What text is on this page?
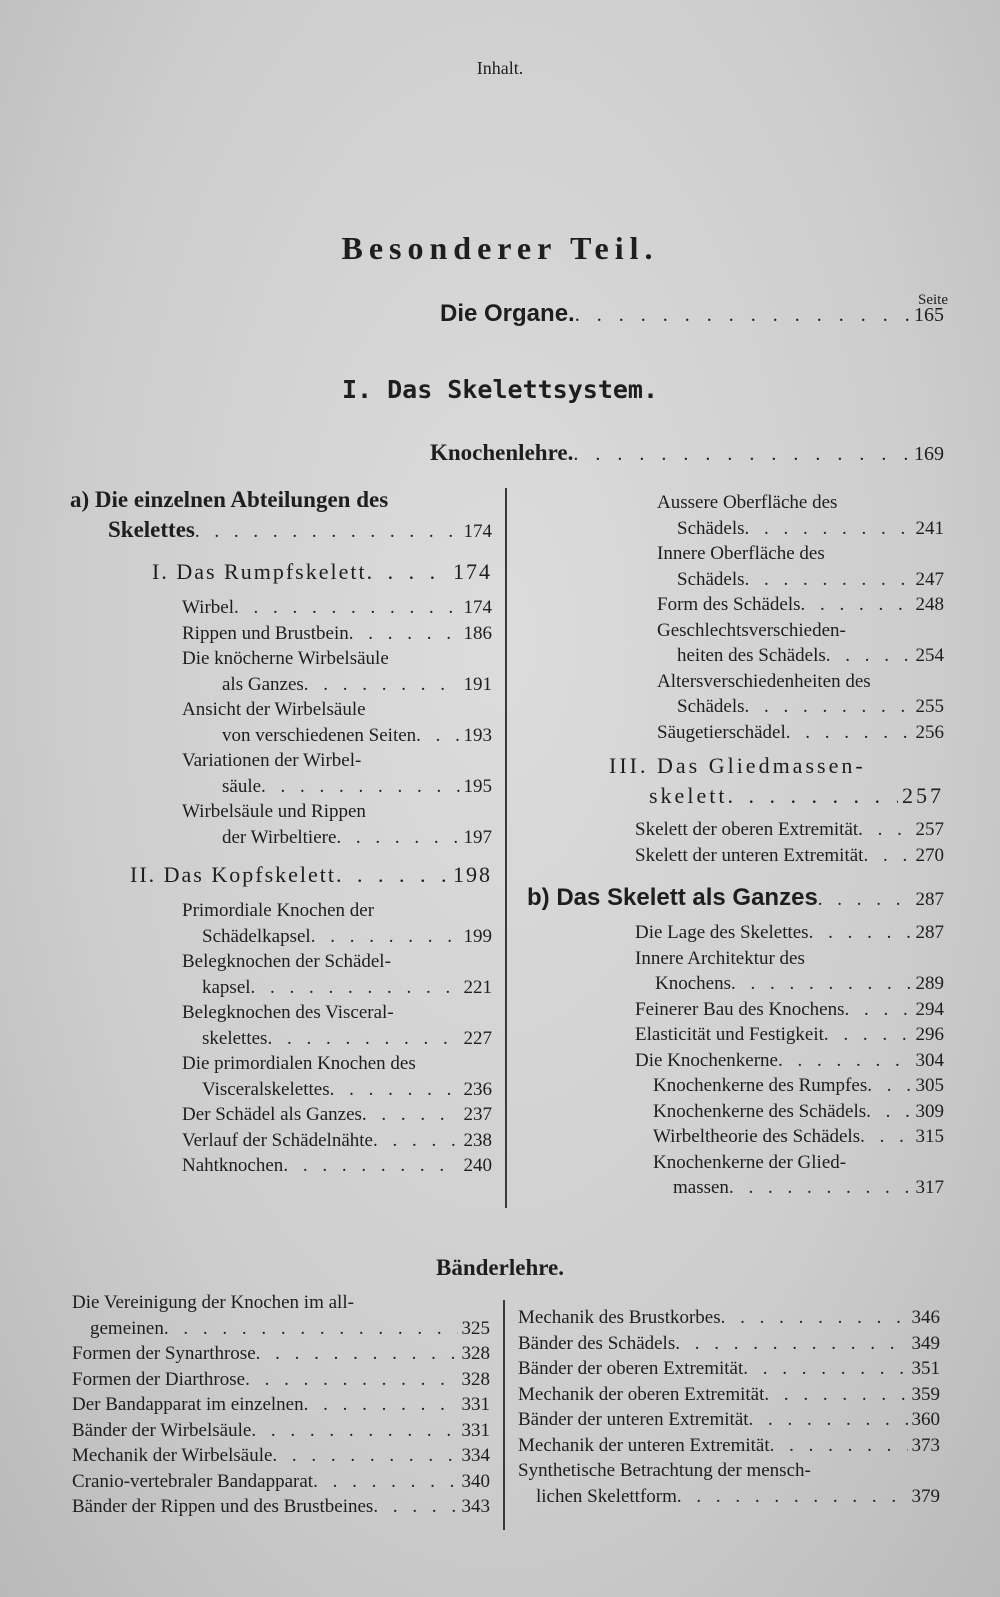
Inhalt.
Besonderer Teil.
Seite
Die Organe. . . .	165
I. Das Skelettsystem.
Knochenlehre. . . .	169
a) Die einzelnen Abteilungen des
Skelettes . . .	174
I. Das Rumpfskelett . . .	174
Wirbel . . .	174
Rippen und Brustbein . . .	186
Die knöcherne Wirbelsäule
als Ganzes . . .	191
Ansicht der Wirbelsäule
von verschiedenen Seiten . . . 193
Variationen der Wirbel-
säule . . .	195
Wirbelsäule und Rippen
der Wirbeltiere . . .	197
II. Das Kopfskelett . . .	198
Primordiale Knochen der
Schädelkapsel . . .	199
Belegknochen der Schädel-
kapsel . . .	221
Belegknochen des Visceral-
skelettes . . .	227
Die primordialen Knochen des
Visceralskelettes . . .	236
Der Schädel als Ganzes . . .	237
Verlauf der Schädelnähte . . .	238
Nahtknochen . . .	240
Aussere Oberfläche des
Schädels . . .	241
Innere Oberfläche des
Schädels . . .	247
Form des Schädels . . .	248
Geschlechtsverschieden-
heiten des Schädels . . .	254
Altersverschiedenheiten des
Schädels . . .	255
Säugetierschädel . . .	256
III. Das Gliedmassen-
skelett . . .	257
Skelett der oberen Extremität . . .	257
Skelett der unteren Extremität . . .	270
b) Das Skelett als Ganzes . . .	287
Die Lage des Skelettes . . .	287
Innere Architektur des
Knochens . . .	289
Feinerer Bau des Knochens . . .	294
Elasticität und Festigkeit . . .	296
Die Knochenkerne . . .	304
Knochenkerne des Rumpfes . . .	305
Knochenkerne des Schädels . . .	309
Wirbeltheorie des Schädels . . .	315
Knochenkerne der Glied-
massen . . .	317
Bänderlehre.
Die Vereinigung der Knochen im all-
gemeinen . . .	325
Formen der Synarthrose . . .	328
Formen der Diarthrose . . .	328
Der Bandapparat im einzelnen . . .	331
Bänder der Wirbelsäule . . .	331
Mechanik der Wirbelsäule . . .	334
Cranio-vertebraler Bandapparat . . .	340
Bänder der Rippen und des Brustbeines . . .	343
Mechanik des Brustkorbes . . .	346
Bänder des Schädels . . .	349
Bänder der oberen Extremität . . .	351
Mechanik der oberen Extremität . . .	359
Bänder der unteren Extremität . . .	360
Mechanik der unteren Extremität . . .	373
Synthetische Betrachtung der mensch-
lichen Skelettform . . .	379
